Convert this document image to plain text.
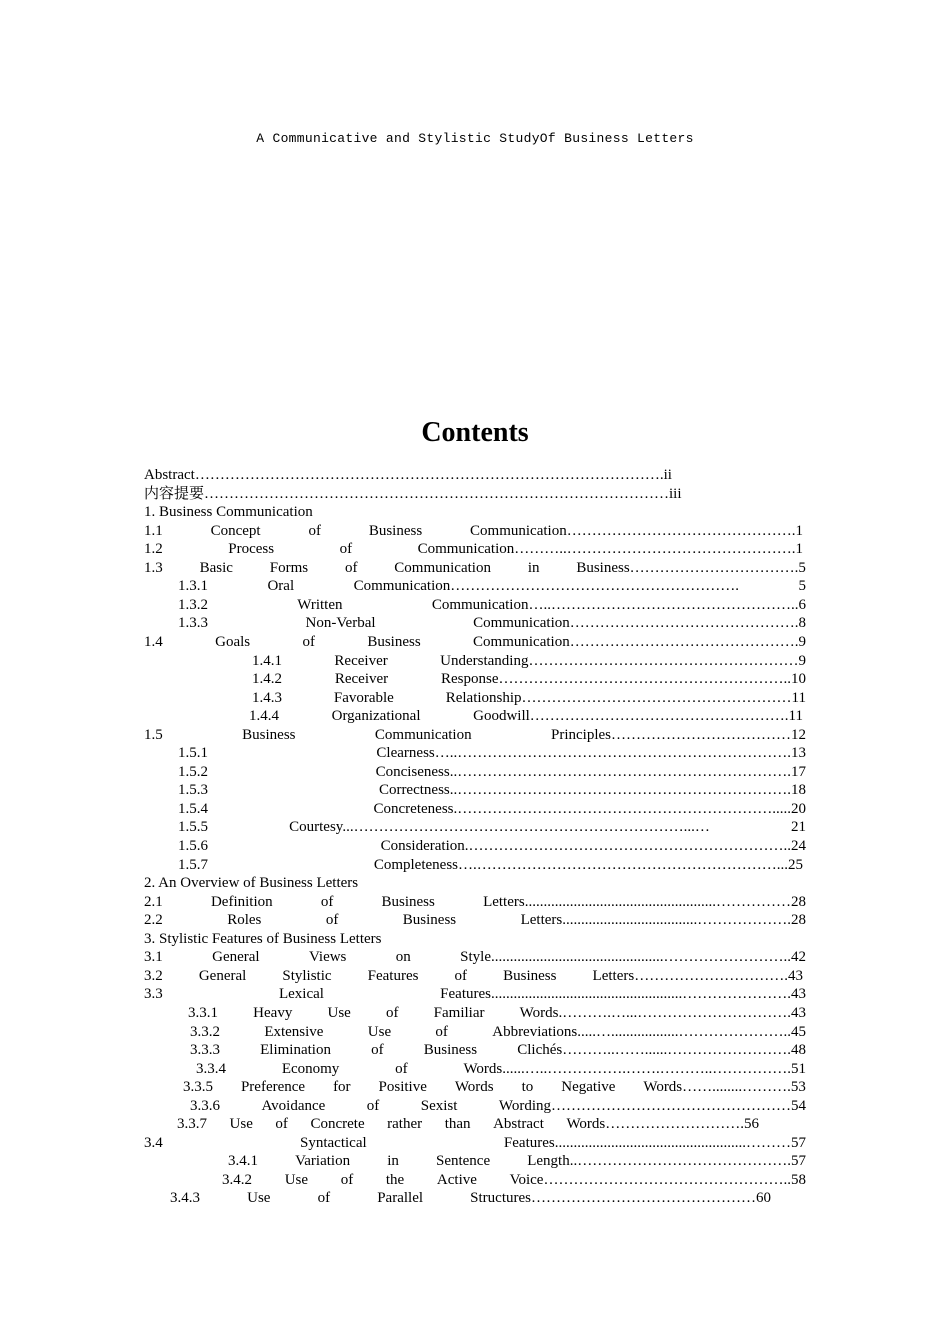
A Communicative and Stylistic StudyOf Business Letters
Contents
Abstract………………………………………………………………………………….ii
内容提要…………………………………………………………………………………iii
1. Business Communication
1.1	Concept	of	Business	Communication……………………………………….1
1.2	Process	of	Communication………..……………………………………….1
1.3 Basic Forms of Communication in Business…………………………….5
1.3.1	Oral	Communication………………………………………………….	5
1.3.2	Written	Communication…..…………………………………………..6
1.3.3	Non-Verbal	Communication……………………………………….8
1.4	Goals	of	Business	Communication……………………………………….9
1.4.1	Receiver	Understanding………………………………………………9
1.4.2	Receiver	Response…………………………………………………..10
1.4.3	Favorable	Relationship………………………………………………11
1.4.4	Organizational	Goodwill…………………………………………….11
1.5	Business	Communication	Principles………………………………12
1.5.1	Clearness…..………………………………………………………….13
1.5.2	Conciseness..………………………………………………………….17
1.5.3	Correctness..………………………………………………………….18
1.5.4	Concreteness.……………………………………………………….....20
1.5.5	Courtesy...…………………………………………………………...…	21
1.5.6	Consideration.………………………………………………………..24
1.5.7	Completeness….……………………………………………………...25
2. An Overview of Business Letters
2.1	Definition	of	Business	Letters...................................................……………28
2.2	Roles	of	Business	Letters....................................……………….28
3. Stylistic Features of Business Letters
3.1	General	Views	on	Style..............................................……………………..42
3.2 General Stylistic Features of Business Letters………………………….43
3.3	Lexical	Features...................................................………………….43
3.3.1 Heavy Use of Familiar Words.……….…...………………………….43
3.3.2	Extensive	Use	of	Abbreviations.....…..................…………………..45
3.3.3	Elimination	of	Business	Clichés………..……......…………………….48
3.3.4	Economy	of	Words......…..…………….…….………..…………….51
3.3.5 Preference for Positive Words to Negative Words……........……….53
3.3.6	Avoidance	of	Sexist	Wording…………………………………………54
3.3.7 Use of Concrete rather than Abstract Words……………………….56
3.4	Syntactical	Features...................................................………57
3.4.1 Variation in Sentence Length..…………………………………….57
3.4.2 Use of the Active Voice…………………………………………..58
3.4.3	Use	of	Parallel	Structures………………………………………60
